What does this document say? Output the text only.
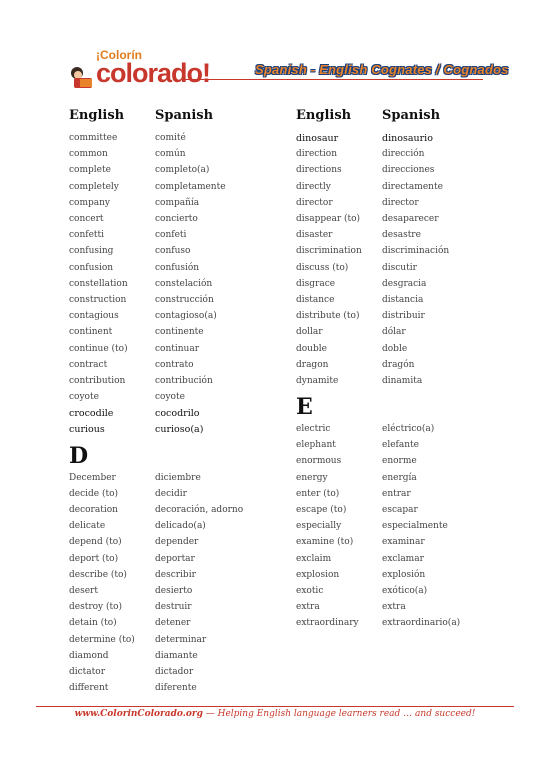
¡Colorín
colorado!	Spanish - English Cognates / Cognados
English	Spanish
committee	comité
common	común
complete	completo(a)
completely	completamente
company	compañía
concert	concierto
confetti	confeti
confusing	confuso
confusion	confusión
constellation	constelación
construction	construcción
contagious	contagioso(a)
continent	continente
continue (to)	continuar
contract	contrato
contribution	contribución
coyote	coyote
crocodile	cocodrilo
curious	curioso(a)
D
December	diciembre
decide (to)	decidir
decoration	decoración, adorno
delicate	delicado(a)
depend (to)	depender
deport (to)	deportar
describe (to)	describir
desert	desierto
destroy (to)	destruir
detain (to)	detener
determine (to)	determinar
diamond	diamante
dictator	dictador
different	diferente
English	Spanish
dinosaur	dinosaurio
direction	dirección
directions	direcciones
directly	directamente
director	director
disappear (to)	desaparecer
disaster	desastre
discrimination	discriminación
discuss (to)	discutir
disgrace	desgracia
distance	distancia
distribute (to)	distribuir
dollar	dólar
double	doble
dragon	dragón
dynamite	dinamita
E
electric	eléctrico(a)
elephant	elefante
enormous	enorme
energy	energía
enter (to)	entrar
escape (to)	escapar
especially	especialmente
examine (to)	examinar
exclaim	exclamar
explosion	explosión
exotic	exótico(a)
extra	extra
extraordinary	extraordinario(a)
www.ColorinColorado.org — Helping English language learners read … and succeed!
